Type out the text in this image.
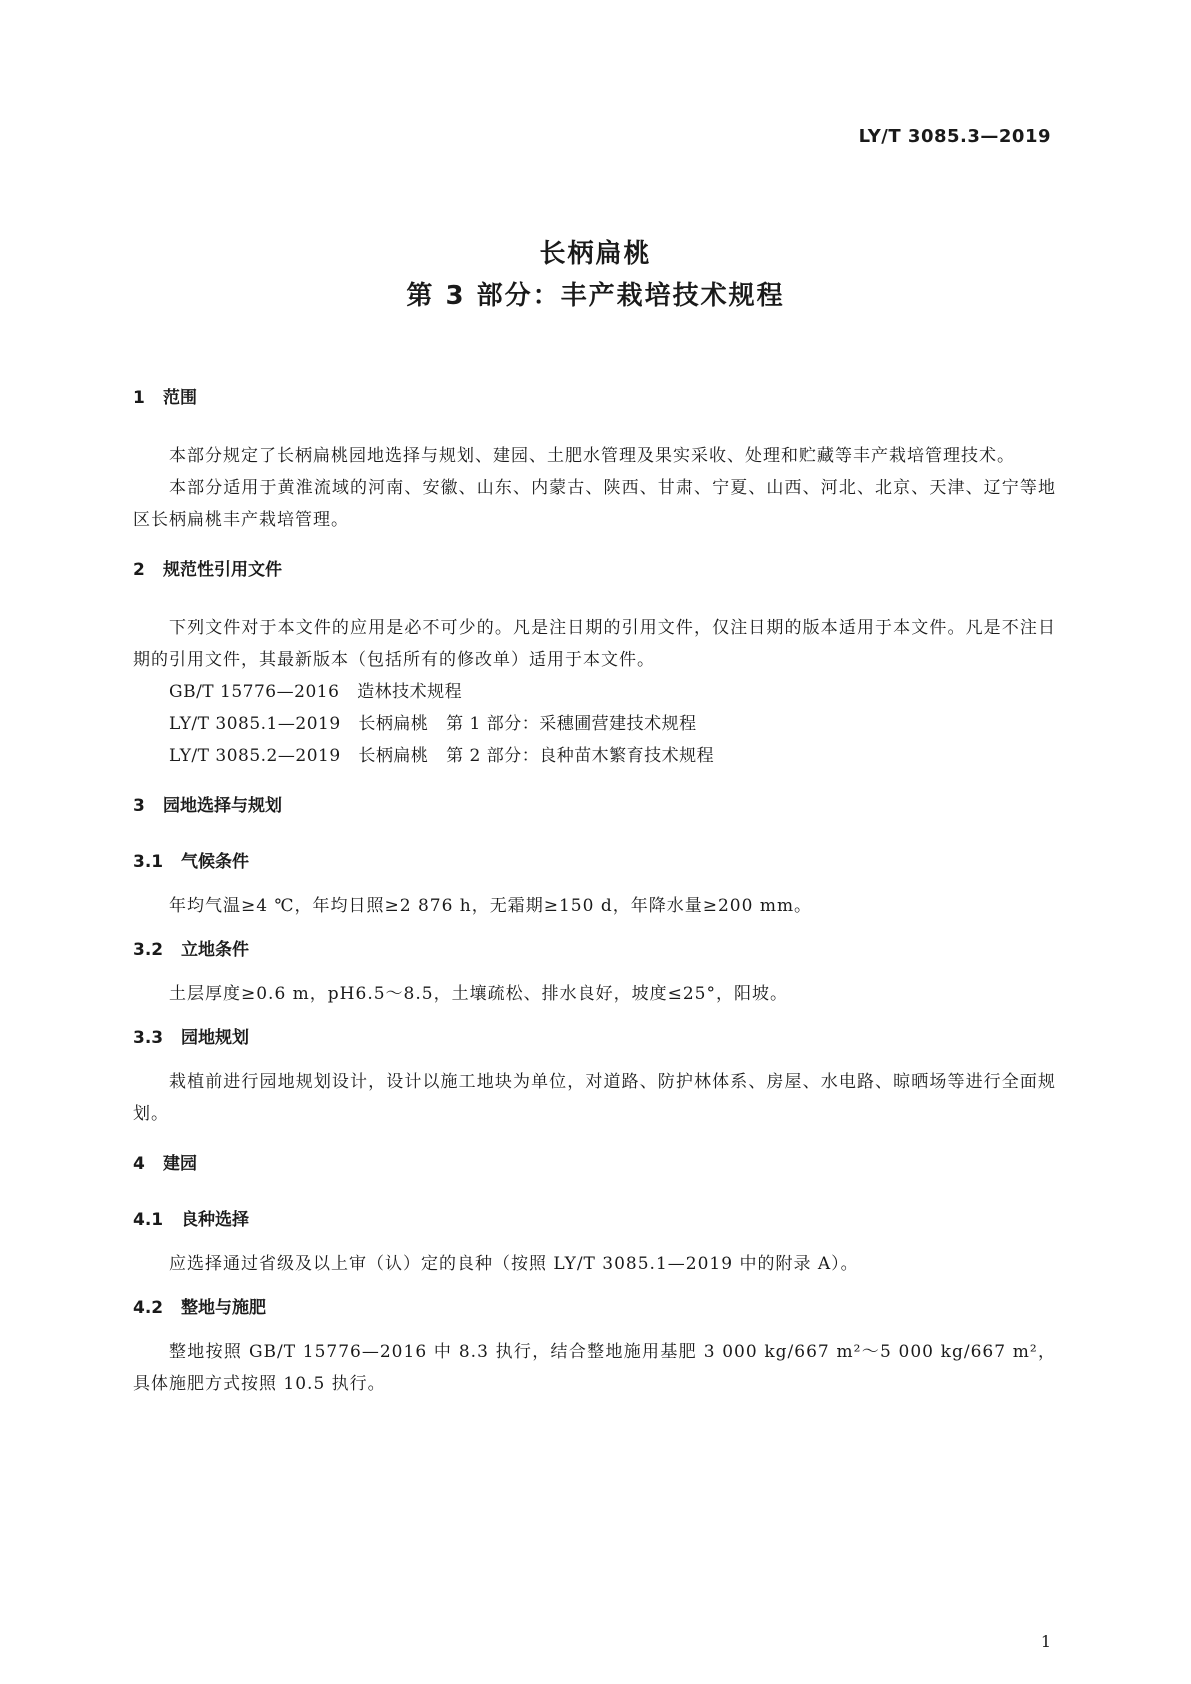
LY/T 3085.3—2019
长柄扁桃
第 3 部分：丰产栽培技术规程
1	范围
本部分规定了长柄扁桃园地选择与规划、建园、土肥水管理及果实采收、处理和贮藏等丰产栽培管理技术。
本部分适用于黄淮流域的河南、安徽、山东、内蒙古、陕西、甘肃、宁夏、山西、河北、北京、天津、辽宁等地区长柄扁桃丰产栽培管理。
2	规范性引用文件
下列文件对于本文件的应用是必不可少的。凡是注日期的引用文件，仅注日期的版本适用于本文件。凡是不注日期的引用文件，其最新版本（包括所有的修改单）适用于本文件。
GB/T 15776—2016   造林技术规程
LY/T 3085.1—2019   长柄扁桃   第 1 部分：采穗圃营建技术规程
LY/T 3085.2—2019   长柄扁桃   第 2 部分：良种苗木繁育技术规程
3	园地选择与规划
3.1	气候条件
年均气温≥4 ℃，年均日照≥2 876 h，无霜期≥150 d，年降水量≥200 mm。
3.2	立地条件
土层厚度≥0.6 m，pH6.5～8.5，土壤疏松、排水良好，坡度≤25°，阳坡。
3.3	园地规划
栽植前进行园地规划设计，设计以施工地块为单位，对道路、防护林体系、房屋、水电路、晾晒场等进行全面规划。
4	建园
4.1	良种选择
应选择通过省级及以上审（认）定的良种（按照 LY/T 3085.1—2019 中的附录 A）。
4.2	整地与施肥
整地按照 GB/T 15776—2016 中 8.3 执行，结合整地施用基肥 3 000 kg/667 m²～5 000 kg/667 m²，具体施肥方式按照 10.5 执行。
1
